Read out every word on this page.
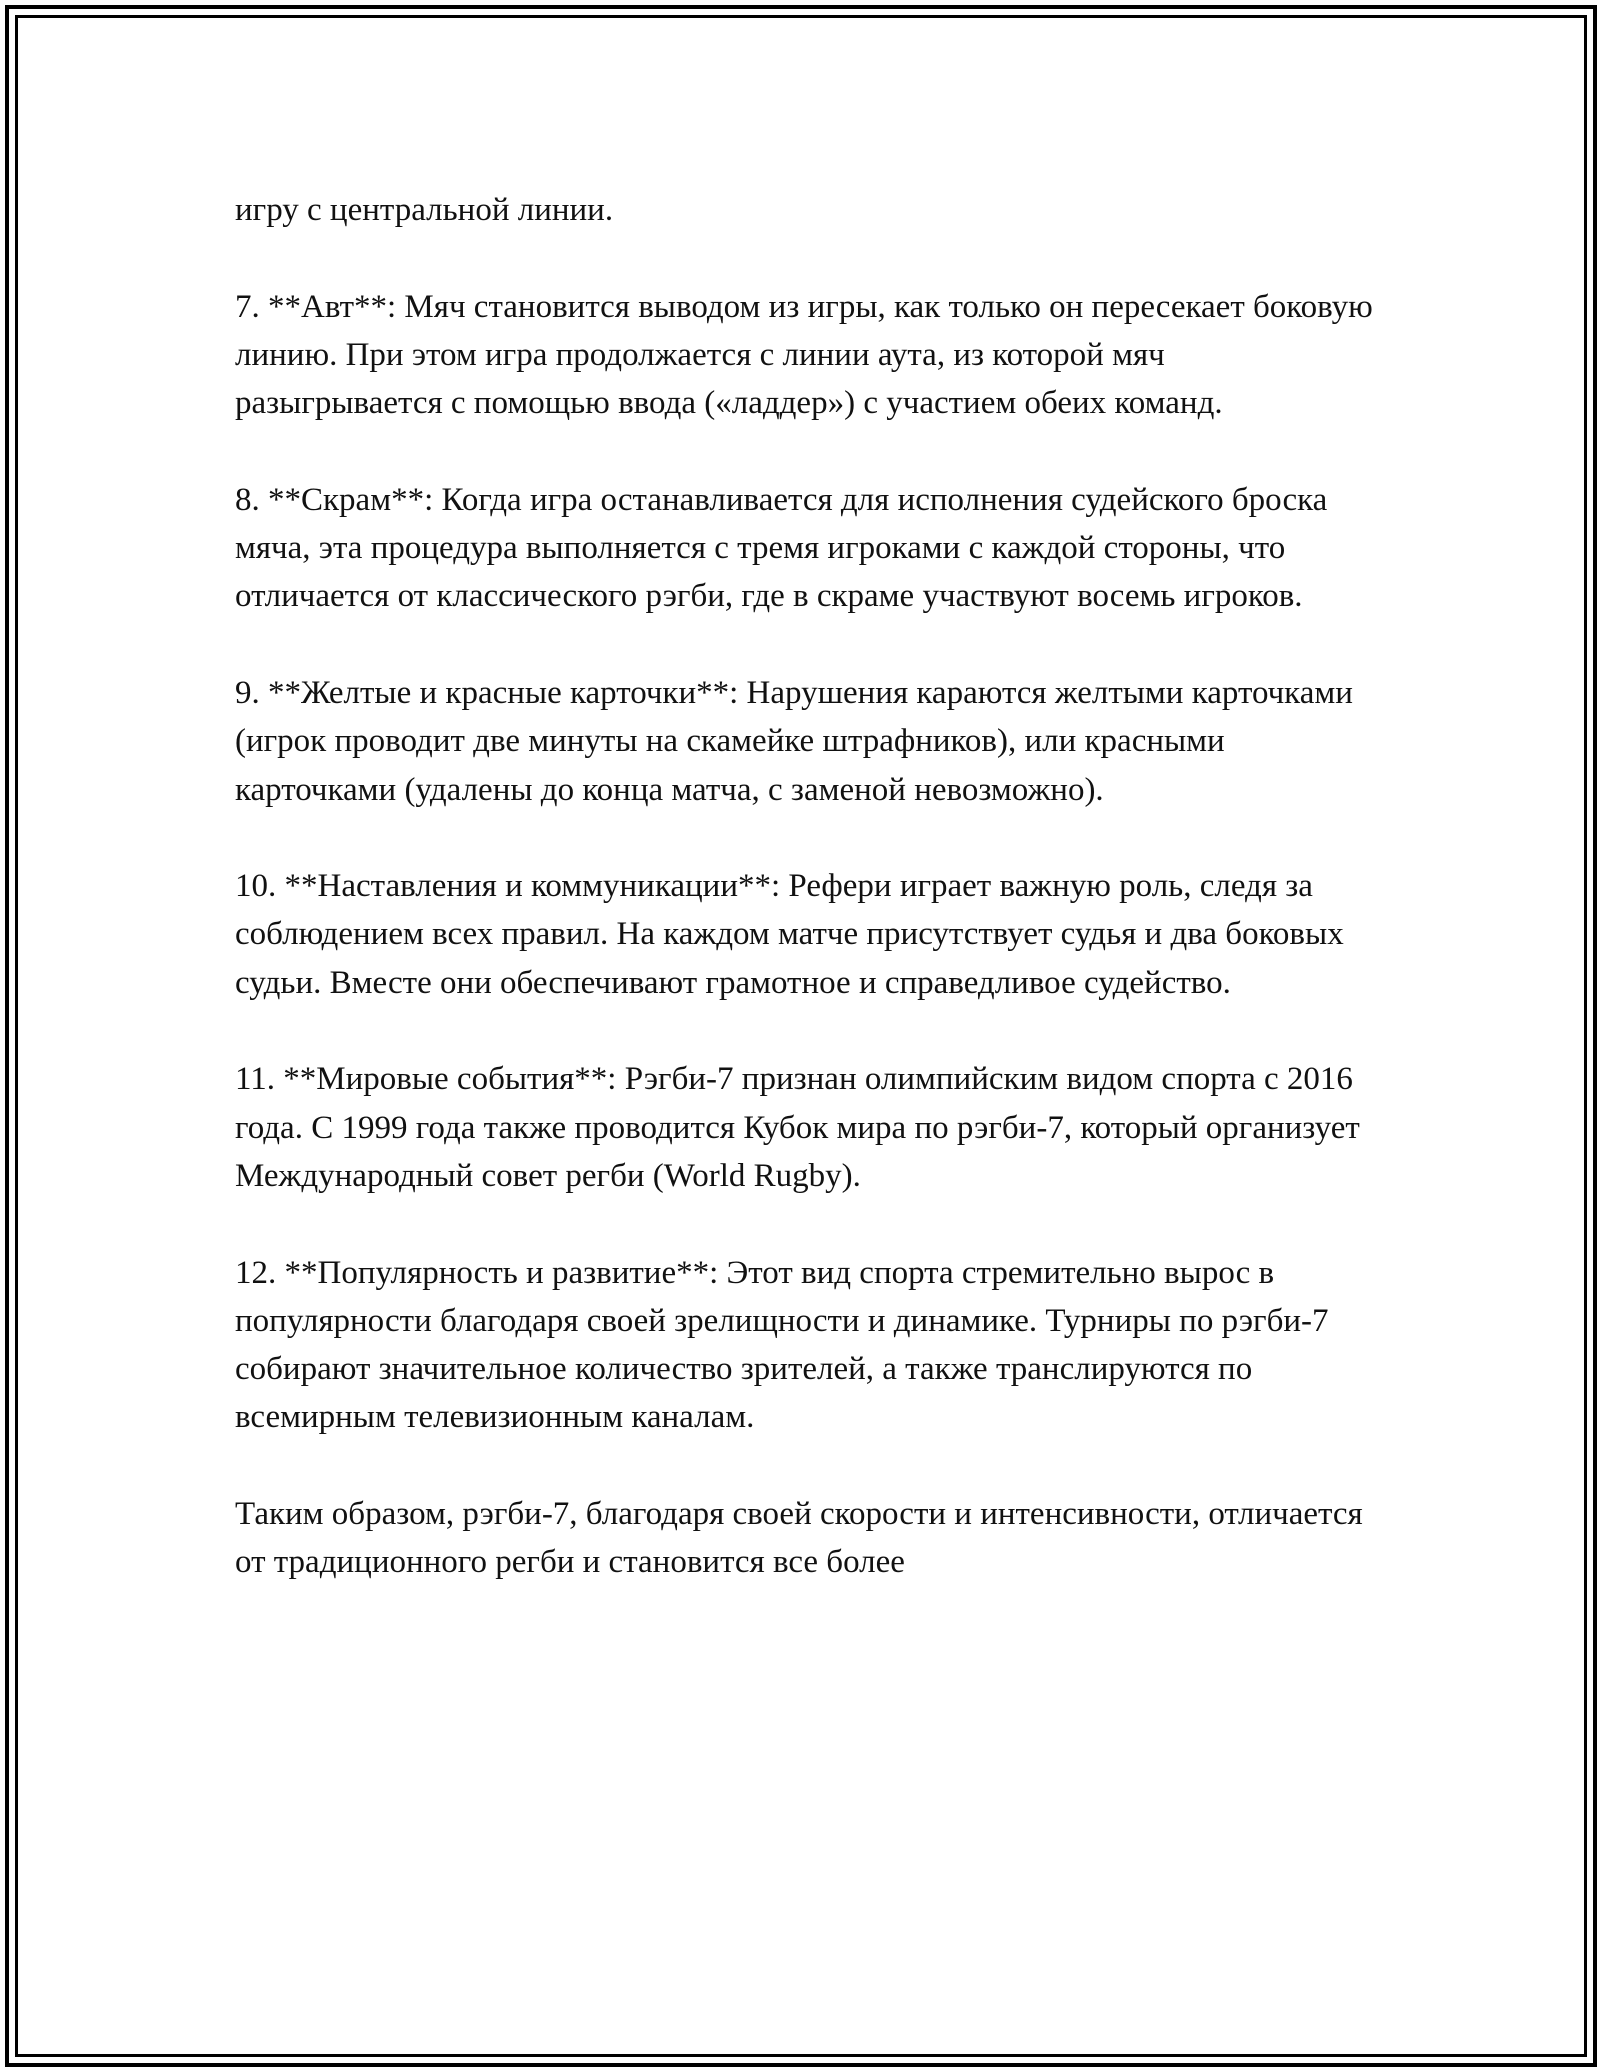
игру с центральной линии.

7. **Авт**: Мяч становится выводом из игры, как только он пересекает боковую линию. При этом игра продолжается с линии аута, из которой мяч разыгрывается с помощью ввода («ладдер») с участием обеих команд.

8. **Скрам**: Когда игра останавливается для исполнения судейского броска мяча, эта процедура выполняется с тремя игроками с каждой стороны, что отличается от классического рэгби, где в скраме участвуют восемь игроков.

9. **Желтые и красные карточки**: Нарушения караются желтыми карточками (игрок проводит две минуты на скамейке штрафников), или красными карточками (удалены до конца матча, с заменой невозможно).

10. **Наставления и коммуникации**: Рефери играет важную роль, следя за соблюдением всех правил. На каждом матче присутствует судья и два боковых судьи. Вместе они обеспечивают грамотное и справедливое судейство.

11. **Мировые события**: Рэгби-7 признан олимпийским видом спорта с 2016 года. С 1999 года также проводится Кубок мира по рэгби-7, который организует Международный совет регби (World Rugby).

12. **Популярность и развитие**: Этот вид спорта стремительно вырос в популярности благодаря своей зрелищности и динамике. Турниры по рэгби-7 собирают значительное количество зрителей, а также транслируются по всемирным телевизионным каналам.

Таким образом, рэгби-7, благодаря своей скорости и интенсивности, отличается от традиционного регби и становится все более
